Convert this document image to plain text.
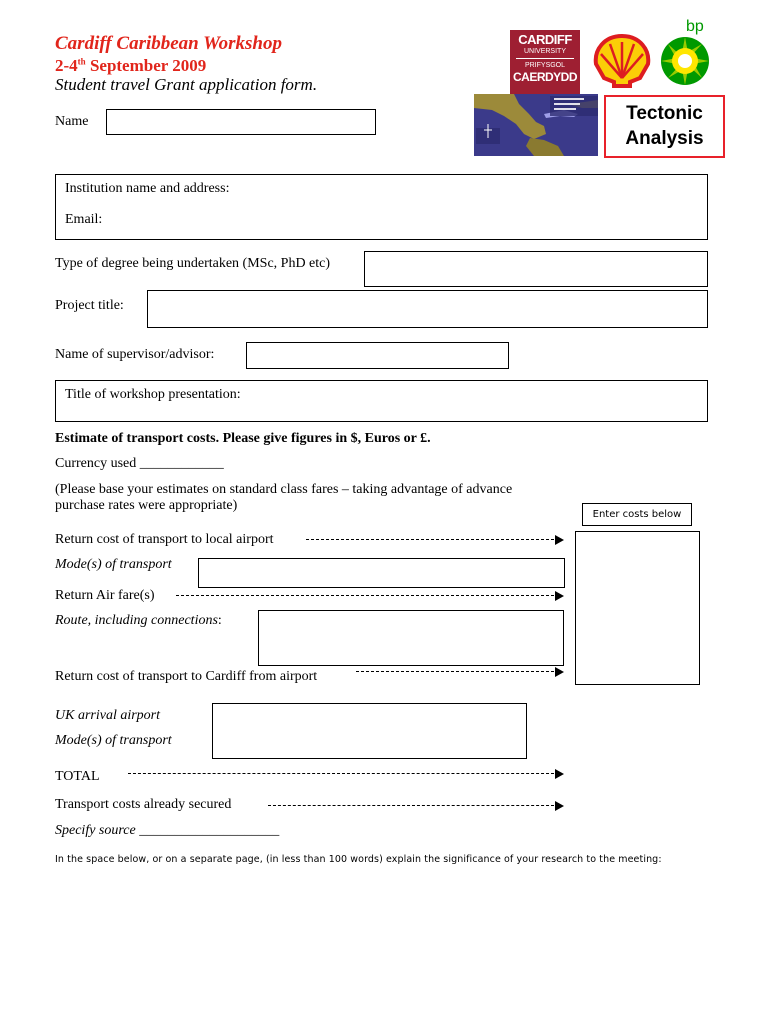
Cardiff Caribbean Workshop
2-4th September 2009
Student travel Grant application form.
CARDIFF
UNIVERSITY
PRIFYSGOL
CAERDYDD
bp
Tectonic
Analysis
Name
Institution name and address:
Email:
Type of degree being undertaken (MSc, PhD etc)
Project title:
Name of supervisor/advisor:
Title of workshop presentation:
Estimate of transport costs. Please give figures in $, Euros or £.
Currency used ____________
(Please base your estimates on standard class fares – taking advantage of advance
purchase rates were appropriate)
Enter costs below
Return cost of transport to local airport
Mode(s) of transport
Return Air fare(s)
Route, including connections:
Return cost of transport to Cardiff from airport
UK arrival airport
Mode(s) of transport
TOTAL
Transport costs already secured
Specify source ____________________
In the space below, or on a separate page, (in less than 100 words) explain the significance of your research to the meeting:
